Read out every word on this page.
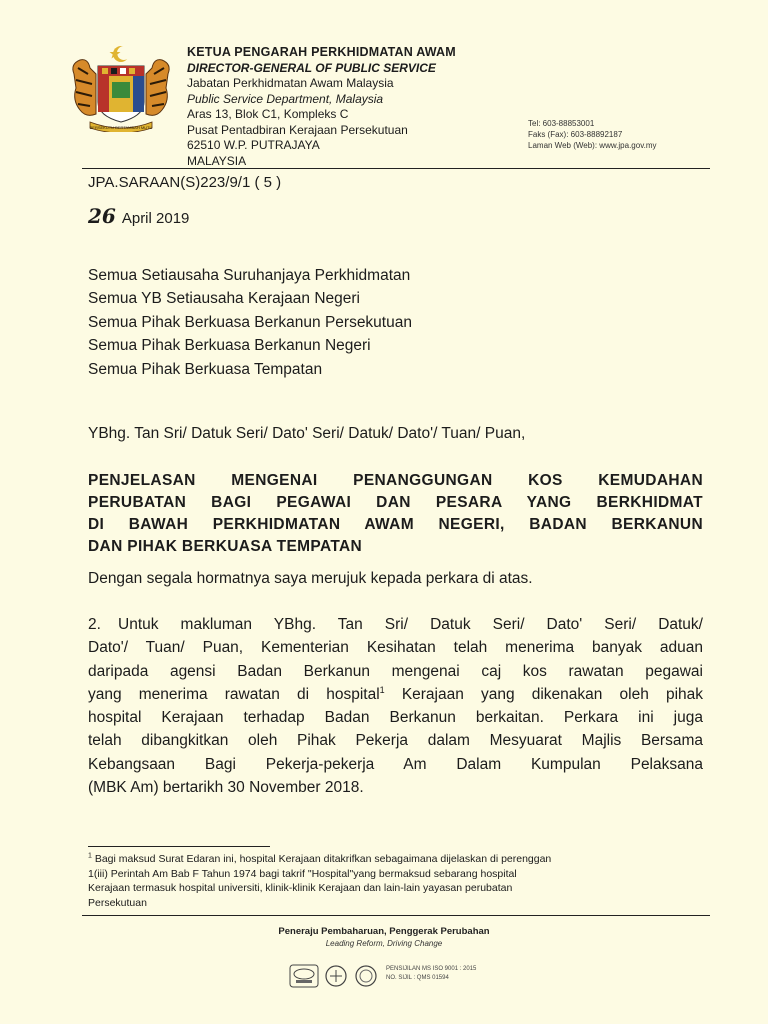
BERSEKUTU BERTAMBAH MUTU
KETUA PENGARAH PERKHIDMATAN AWAM
DIRECTOR-GENERAL OF PUBLIC SERVICE
Jabatan Perkhidmatan Awam Malaysia
Public Service Department, Malaysia
Aras 13, Blok C1, Kompleks C
Pusat Pentadbiran Kerajaan Persekutuan
62510 W.P. PUTRAJAYA
MALAYSIA
Tel: 603-88853001
Faks (Fax): 603-88892187
Laman Web (Web): www.jpa.gov.my
JPA.SARAAN(S)223/9/1 ( 5 )
26 April 2019
Semua Setiausaha Suruhanjaya Perkhidmatan
Semua YB Setiausaha Kerajaan Negeri
Semua Pihak Berkuasa Berkanun Persekutuan
Semua Pihak Berkuasa Berkanun Negeri
Semua Pihak Berkuasa Tempatan
YBhg. Tan Sri/ Datuk Seri/ Dato' Seri/ Datuk/ Dato'/ Tuan/ Puan,
PENJELASAN MENGENAI PENANGGUNGAN KOS KEMUDAHAN
PERUBATAN BAGI PEGAWAI DAN PESARA YANG BERKHIDMAT
DI BAWAH PERKHIDMATAN AWAM NEGERI, BADAN BERKANUN
DAN PIHAK BERKUASA TEMPATAN
Dengan segala hormatnya saya merujuk kepada perkara di atas.
2. Untuk makluman YBhg. Tan Sri/ Datuk Seri/ Dato' Seri/ Datuk/
Dato'/ Tuan/ Puan, Kementerian Kesihatan telah menerima banyak aduan
daripada agensi Badan Berkanun mengenai caj kos rawatan pegawai
yang menerima rawatan di hospital$^1$ Kerajaan yang dikenakan oleh pihak
hospital Kerajaan terhadap Badan Berkanun berkaitan. Perkara ini juga
telah dibangkitkan oleh Pihak Pekerja dalam Mesyuarat Majlis Bersama
Kebangsaan Bagi Pekerja-pekerja Am Dalam Kumpulan Pelaksana
(MBK Am) bertarikh 30 November 2018.
$^1$ Bagi maksud Surat Edaran ini, hospital Kerajaan ditakrifkan sebagaimana dijelaskan di perenggan
1(iii) Perintah Am Bab F Tahun 1974 bagi takrif "Hospital"yang bermaksud sebarang hospital
Kerajaan termasuk hospital universiti, klinik-klinik Kerajaan dan lain-lain yayasan perubatan
Persekutuan
Peneraju Pembaharuan, Penggerak Perubahan
Leading Reform, Driving Change
PENSIJILAN MS ISO 9001 : 2015
NO. SIJIL : QMS 01594
